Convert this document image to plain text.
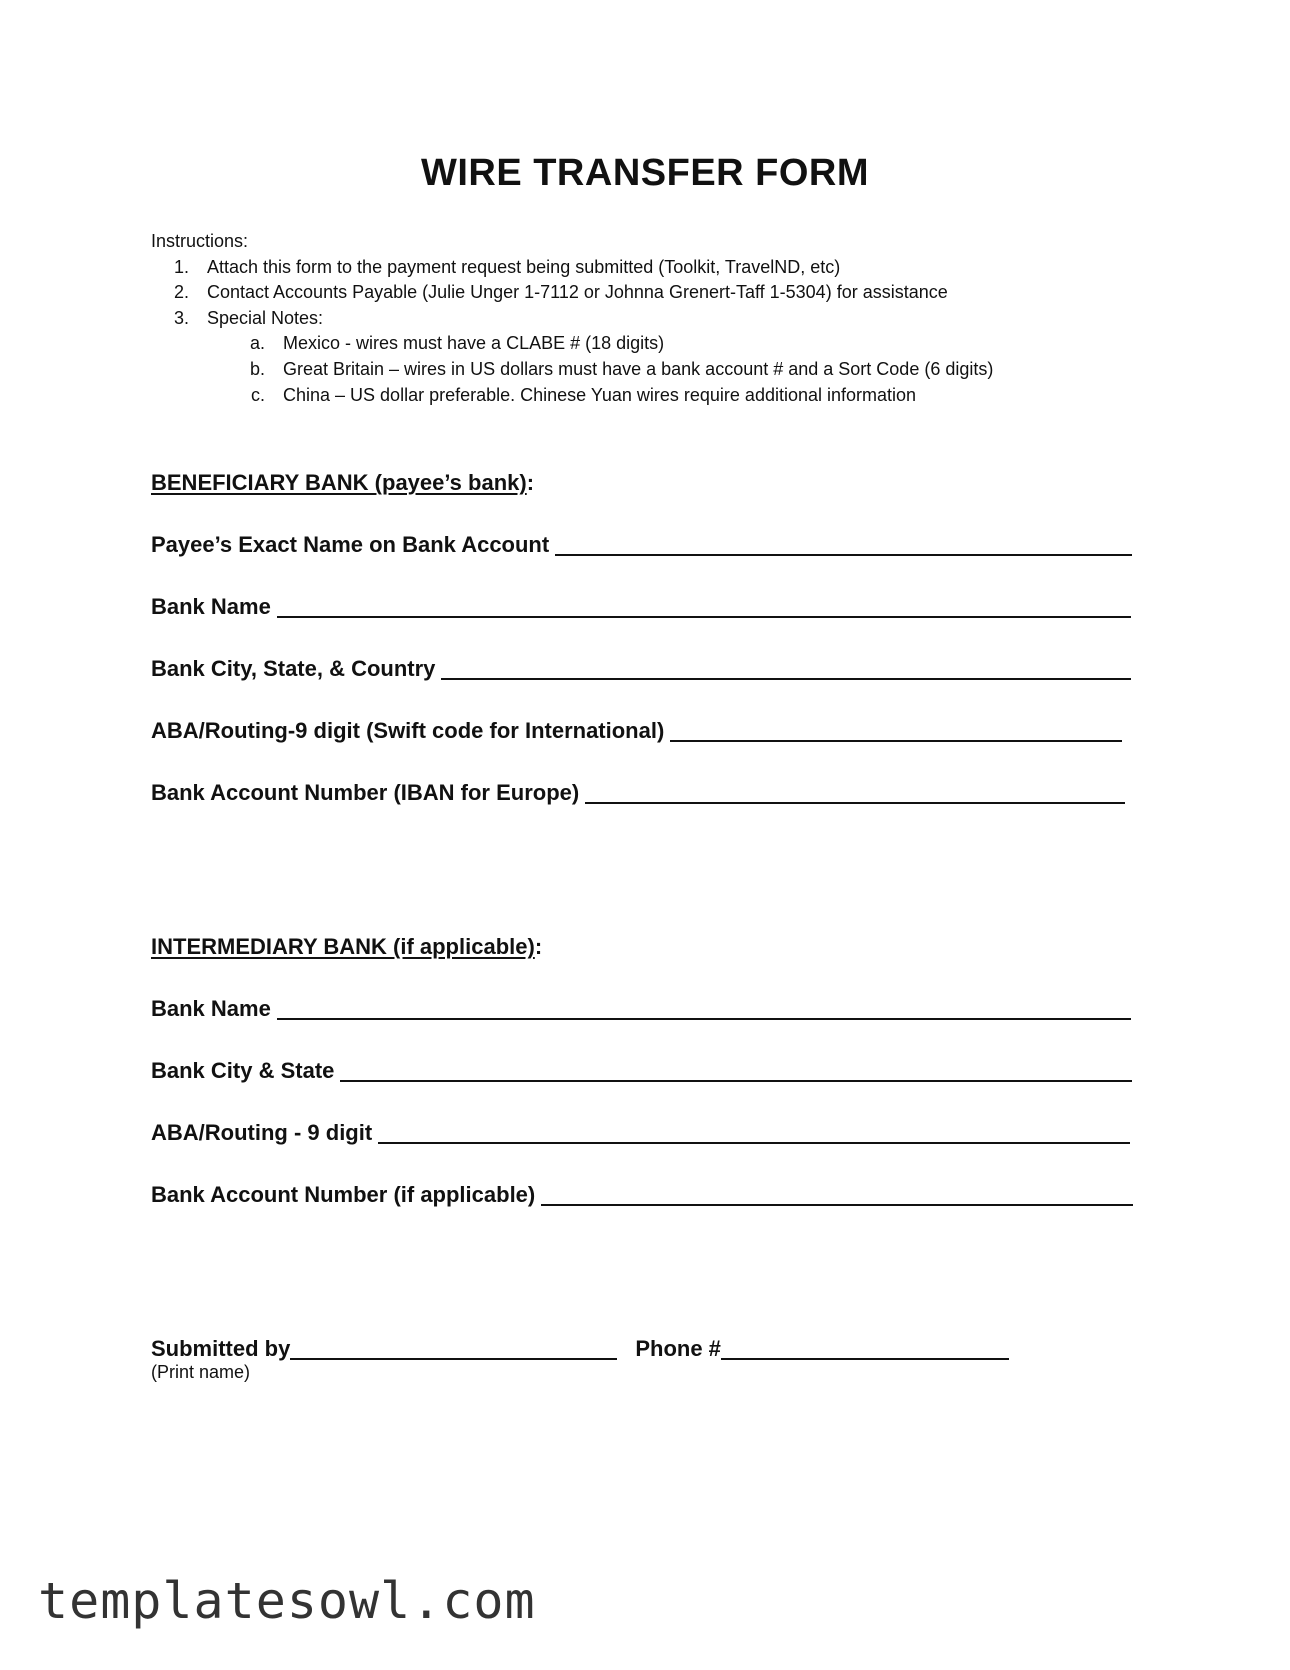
WIRE TRANSFER FORM
Instructions:
1.	Attach this form to the payment request being submitted (Toolkit, TravelND, etc)
2.	Contact Accounts Payable (Julie Unger 1-7112 or Johnna Grenert-Taff 1-5304) for assistance
3.	Special Notes:
a.	Mexico - wires must have a CLABE # (18 digits)
b.	Great Britain – wires in US dollars must have a bank account # and a Sort Code (6 digits)
c.	China – US dollar preferable. Chinese Yuan wires require additional information
BENEFICIARY BANK (payee’s bank):
Payee’s Exact Name on Bank Account
Bank Name
Bank City, State, & Country
ABA/Routing-9 digit (Swift code for International)
Bank Account Number (IBAN for Europe)
INTERMEDIARY BANK (if applicable):
Bank Name
Bank City & State
ABA/Routing - 9 digit
Bank Account Number (if applicable)
Submitted by	Phone #
(Print name)
templatesowl.com
